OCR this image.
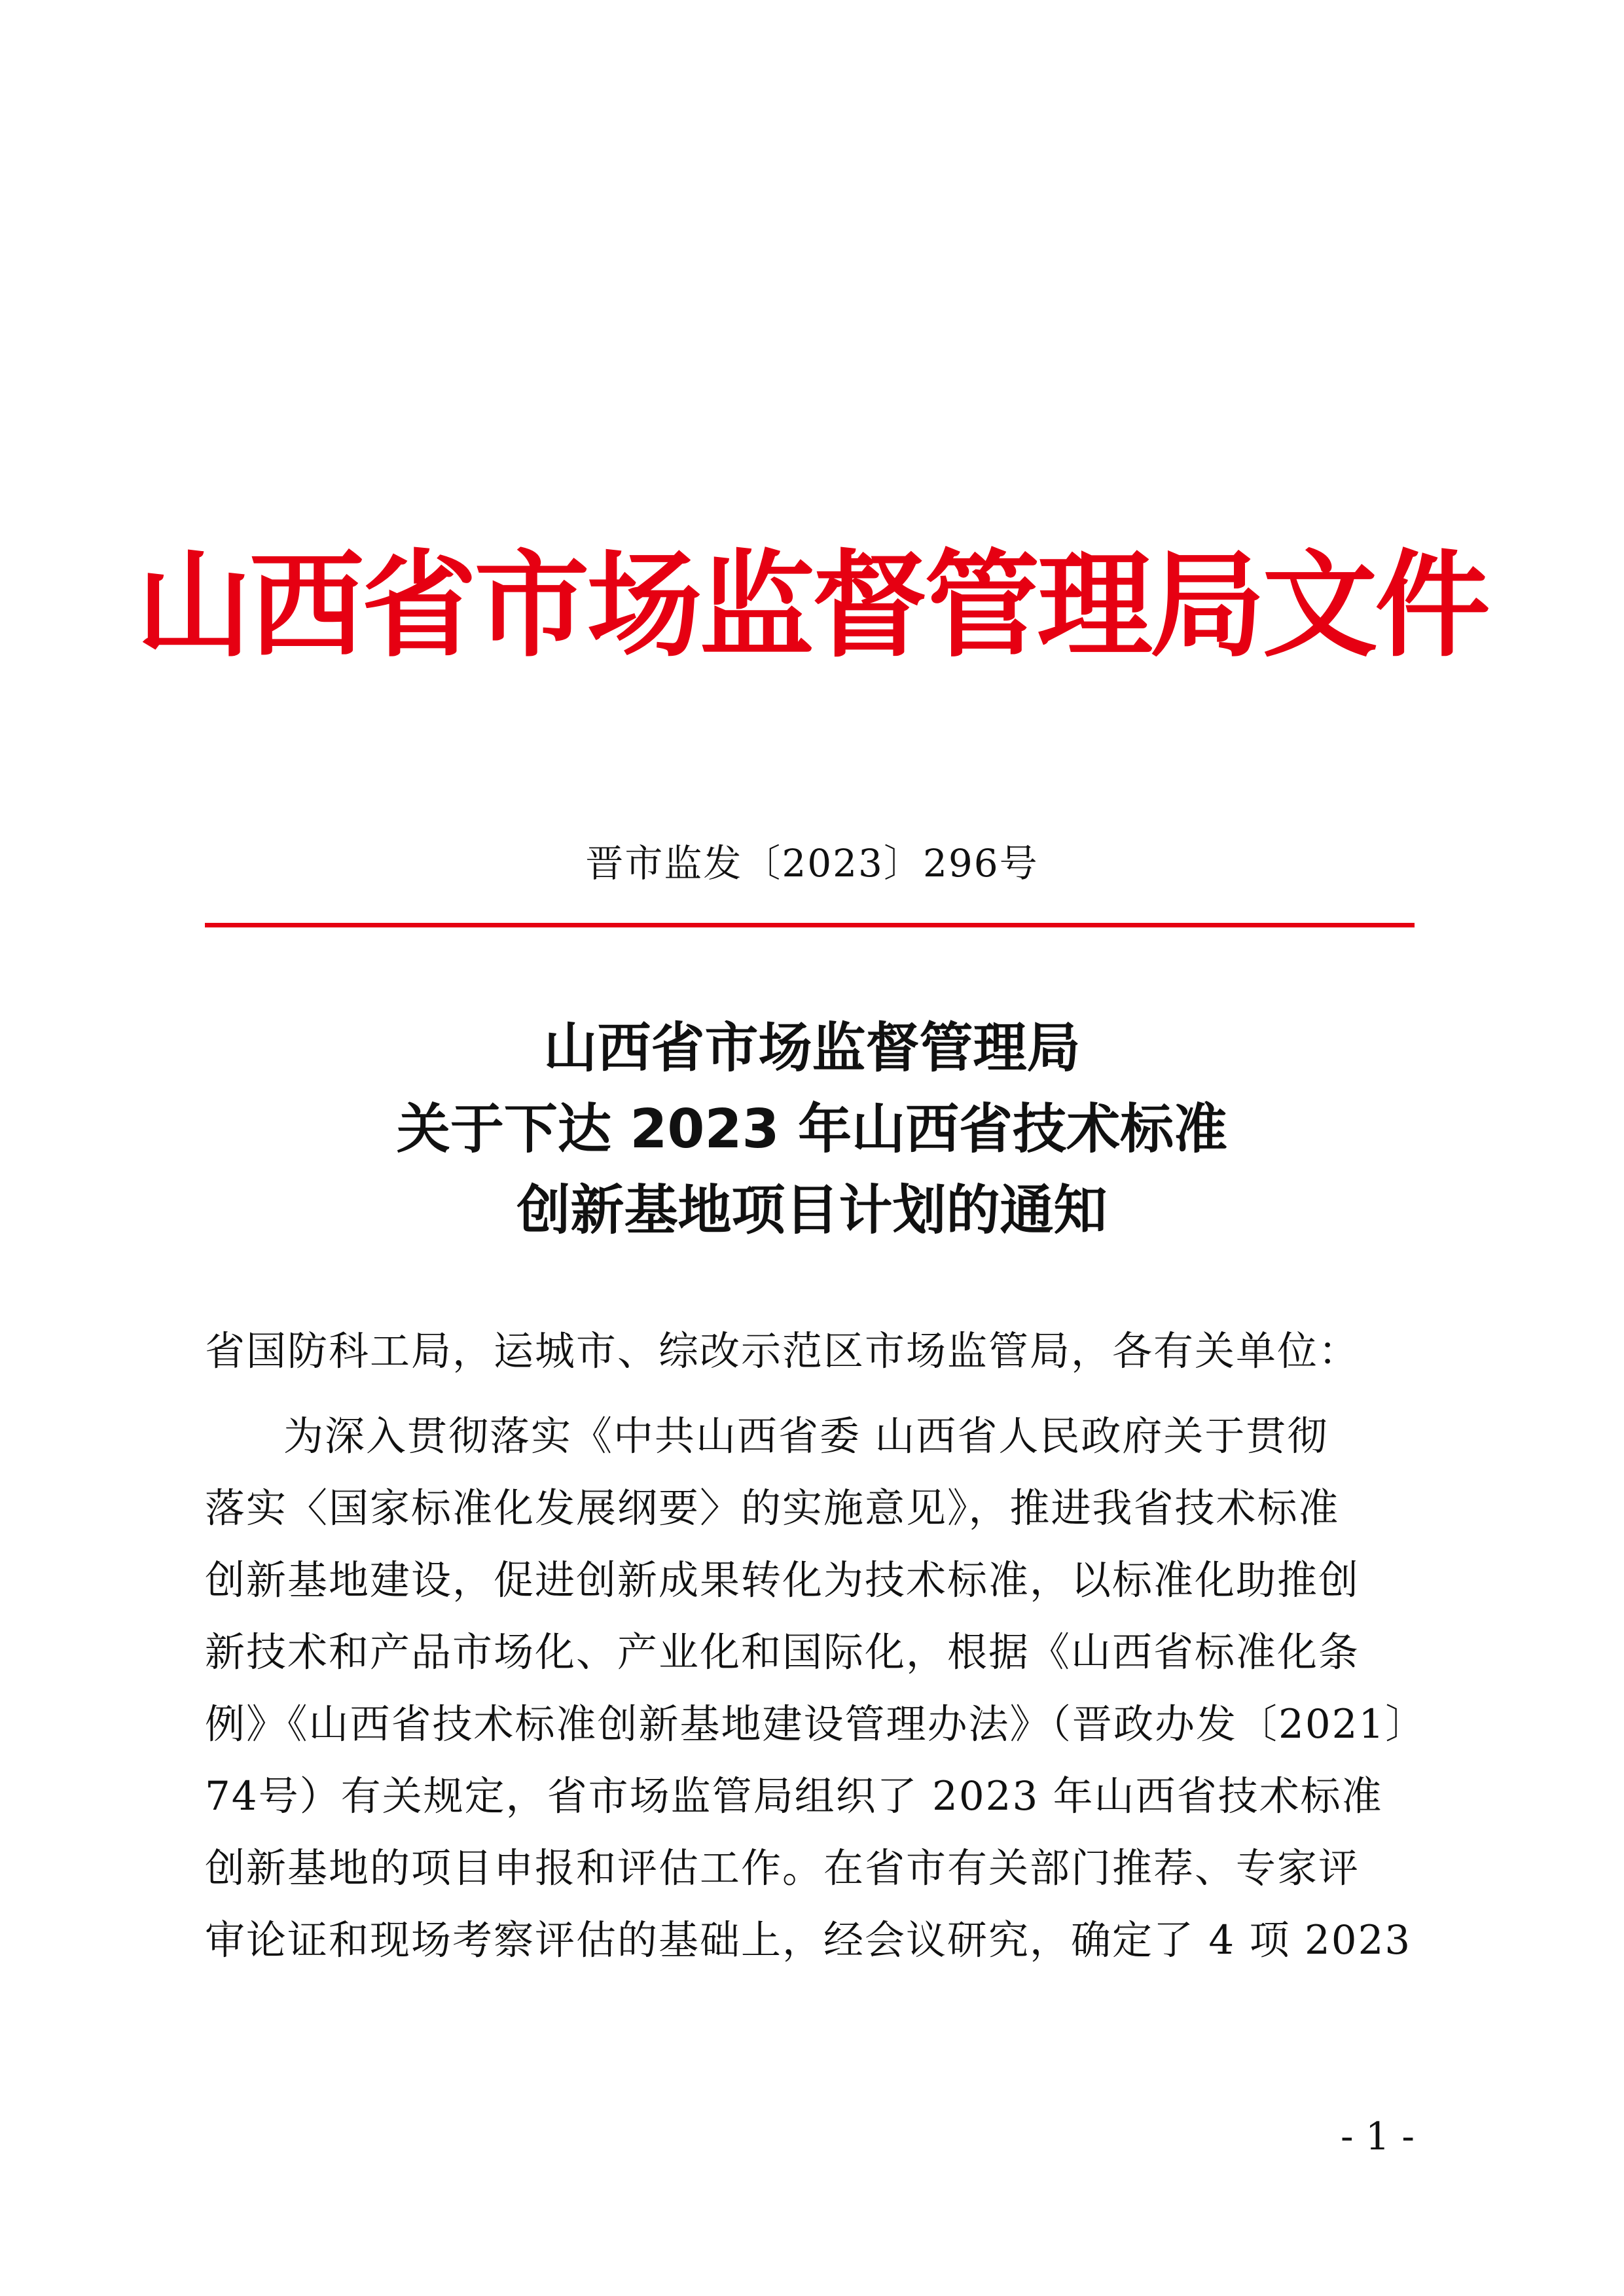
山西省市场监督管理局文件
晋市监发〔2023〕296号
山西省市场监督管理局
关于下达 2023 年山西省技术标准
创新基地项目计划的通知
省国防科工局，运城市、综改示范区市场监管局，各有关单位：
为深入贯彻落实《中共山西省委 山西省人民政府关于贯彻
落实〈国家标准化发展纲要〉的实施意见》，推进我省技术标准
创新基地建设，促进创新成果转化为技术标准，以标准化助推创
新技术和产品市场化、产业化和国际化，根据《山西省标准化条
例》《山西省技术标准创新基地建设管理办法》（晋政办发〔2021〕
74号）有关规定，省市场监管局组织了 2023 年山西省技术标准
创新基地的项目申报和评估工作。在省市有关部门推荐、专家评
审论证和现场考察评估的基础上，经会议研究，确定了 4 项 2023
- 1 -
